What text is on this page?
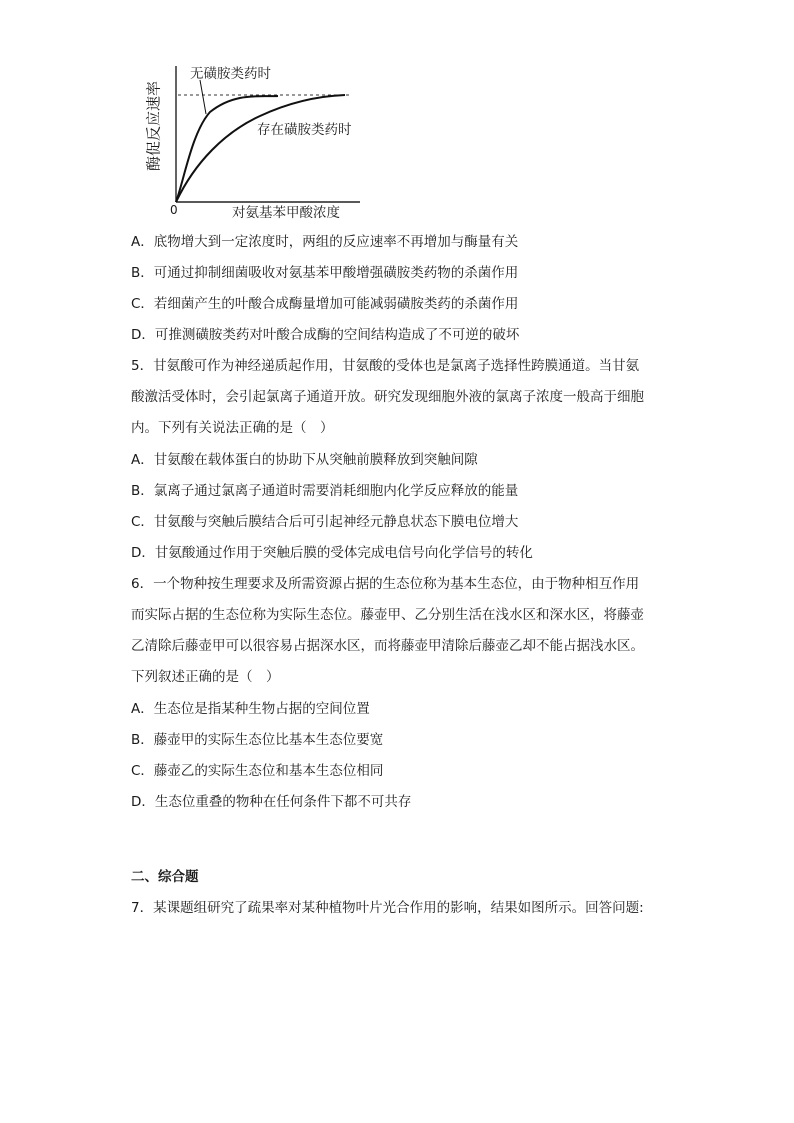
酶促反应速率
无磺胺类药时
存在磺胺类药时
0	对氨基苯甲酸浓度
A．底物增大到一定浓度时，两组的反应速率不再增加与酶量有关
B．可通过抑制细菌吸收对氨基苯甲酸增强磺胺类药物的杀菌作用
C．若细菌产生的叶酸合成酶量增加可能减弱磺胺类药的杀菌作用
D．可推测磺胺类药对叶酸合成酶的空间结构造成了不可逆的破坏
5．甘氨酸可作为神经递质起作用，甘氨酸的受体也是氯离子选择性跨膜通道。当甘氨
酸激活受体时，会引起氯离子通道开放。研究发现细胞外液的氯离子浓度一般高于细胞
内。下列有关说法正确的是（　）
A．甘氨酸在载体蛋白的协助下从突触前膜释放到突触间隙
B．氯离子通过氯离子通道时需要消耗细胞内化学反应释放的能量
C．甘氨酸与突触后膜结合后可引起神经元静息状态下膜电位增大
D．甘氨酸通过作用于突触后膜的受体完成电信号向化学信号的转化
6．一个物种按生理要求及所需资源占据的生态位称为基本生态位，由于物种相互作用
而实际占据的生态位称为实际生态位。藤壶甲、乙分别生活在浅水区和深水区，将藤壶
乙清除后藤壶甲可以很容易占据深水区，而将藤壶甲清除后藤壶乙却不能占据浅水区。
下列叙述正确的是（　）
A．生态位是指某种生物占据的空间位置
B．藤壶甲的实际生态位比基本生态位要宽
C．藤壶乙的实际生态位和基本生态位相同
D．生态位重叠的物种在任何条件下都不可共存
二、综合题
7．某课题组研究了疏果率对某种植物叶片光合作用的影响，结果如图所示。回答问题:
